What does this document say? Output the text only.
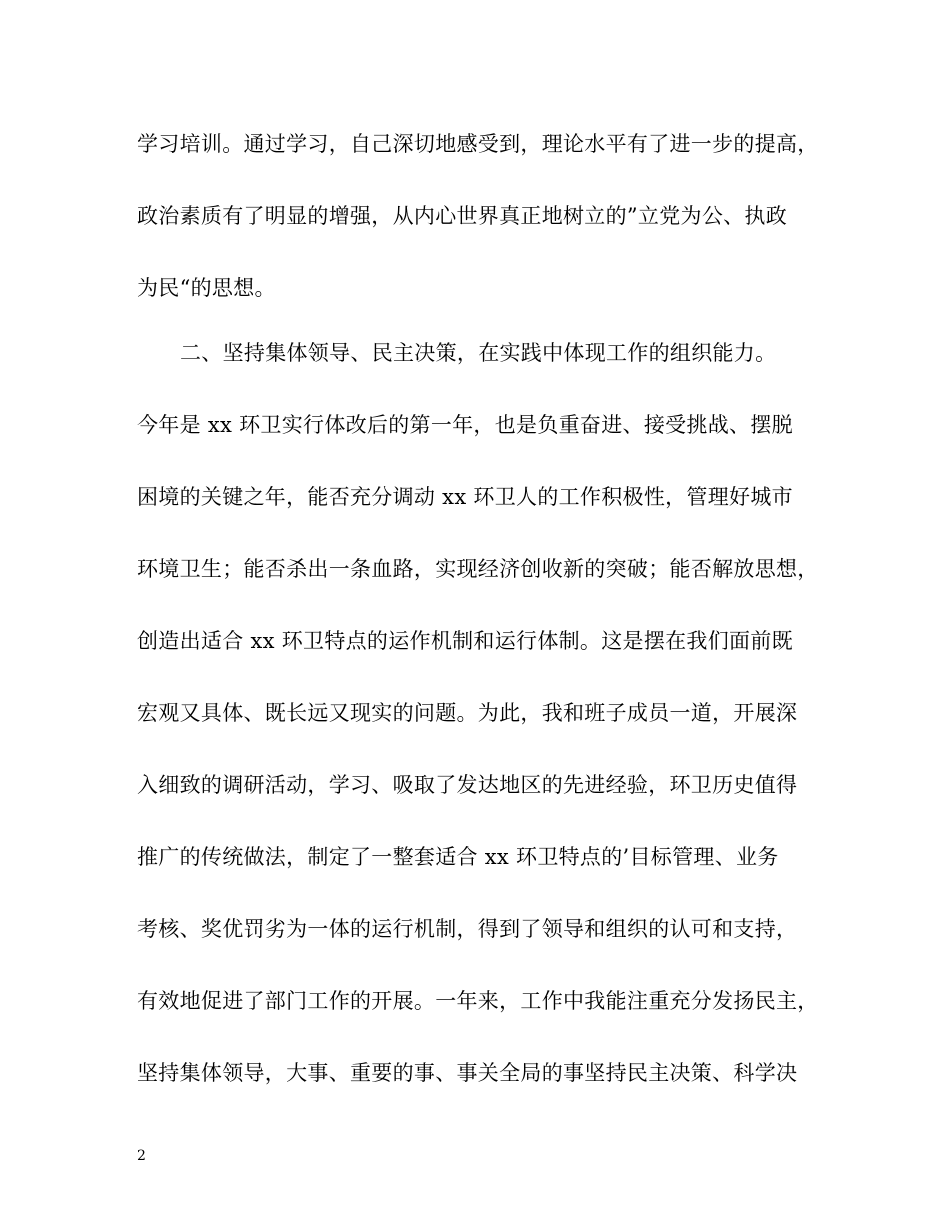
学习培训。通过学习，自己深切地感受到，理论水平有了进一步的提高，
政治素质有了明显的增强，从内心世界真正地树立的”立党为公、执政
为民“的思想。
二、坚持集体领导、民主决策，在实践中体现工作的组织能力。
今年是 xx 环卫实行体改后的第一年，也是负重奋进、接受挑战、摆脱
困境的关键之年，能否充分调动 xx 环卫人的工作积极性，管理好城市
环境卫生；能否杀出一条血路，实现经济创收新的突破；能否解放思想，
创造出适合 xx 环卫特点的运作机制和运行体制。这是摆在我们面前既
宏观又具体、既长远又现实的问题。为此，我和班子成员一道，开展深
入细致的调研活动，学习、吸取了发达地区的先进经验，环卫历史值得
推广的传统做法，制定了一整套适合 xx 环卫特点的’目标管理、业务
考核、奖优罚劣为一体的运行机制，得到了领导和组织的认可和支持，
有效地促进了部门工作的开展。一年来，工作中我能注重充分发扬民主，
坚持集体领导，大事、重要的事、事关全局的事坚持民主决策、科学决
2
